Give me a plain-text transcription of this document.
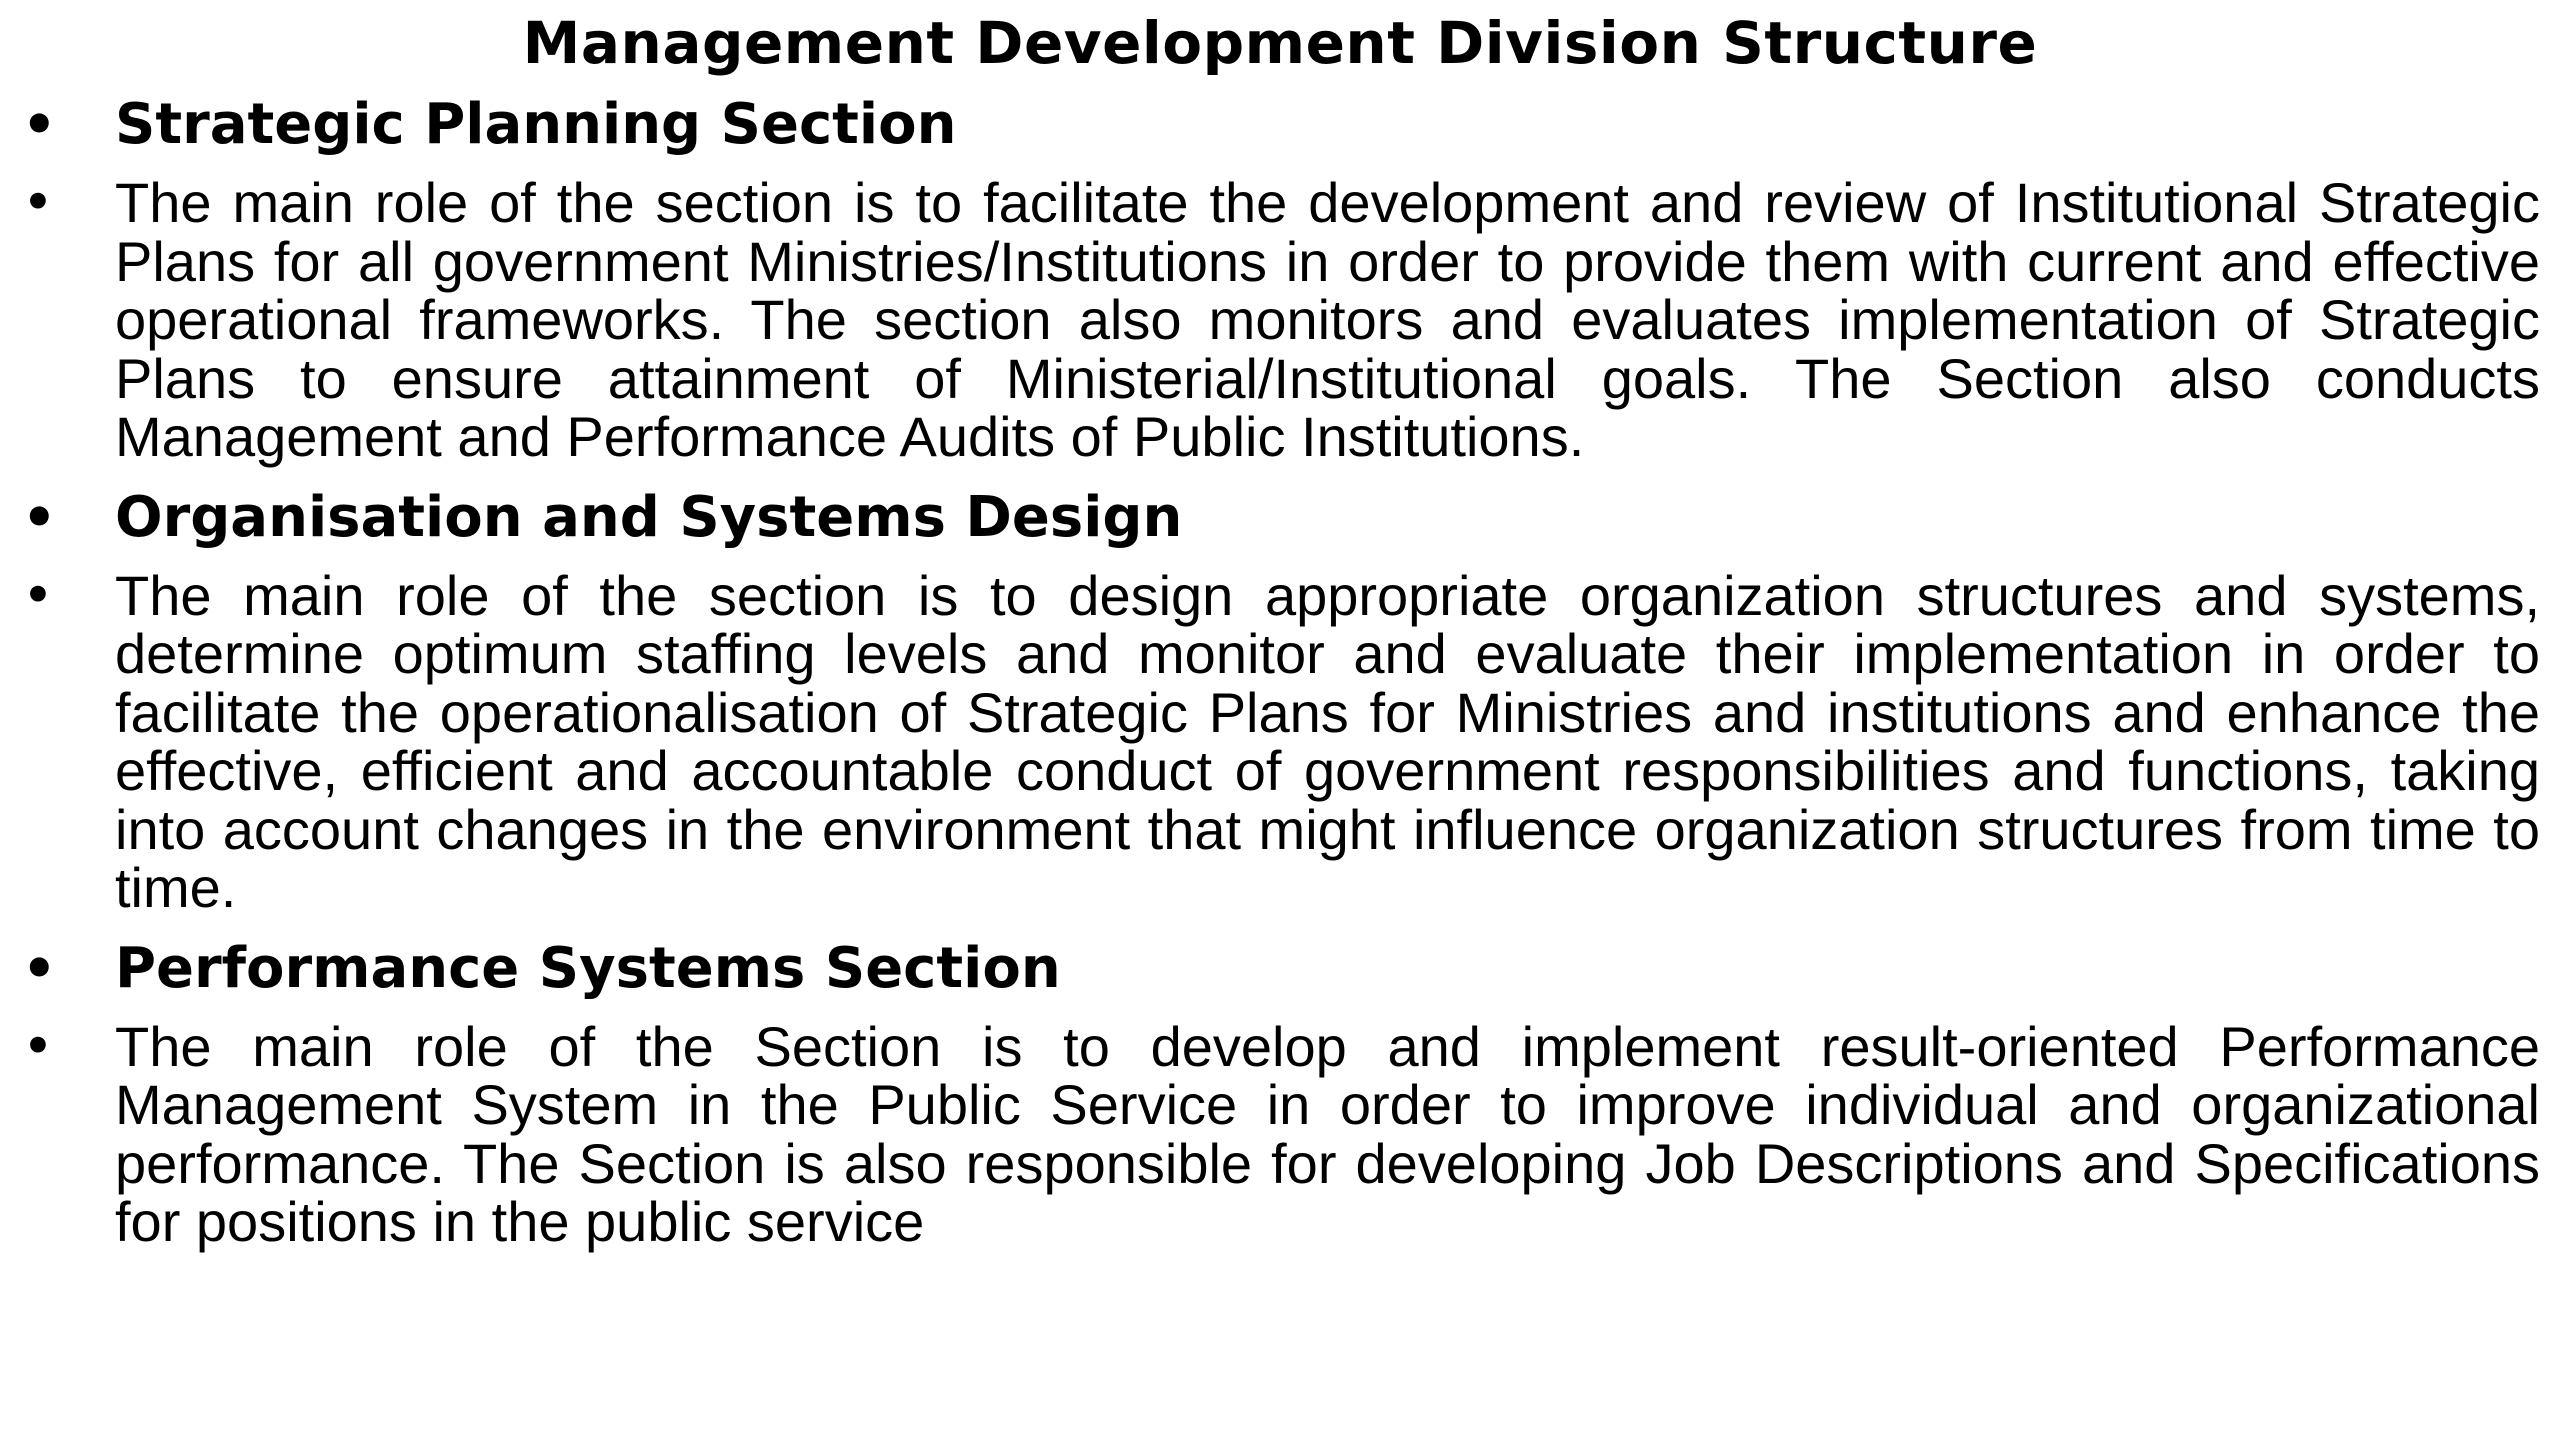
Management Development Division Structure
• Strategic Planning Section
• The main role of the section is to facilitate the development and review of Institutional Strategic Plans for all government Ministries/Institutions in order to provide them with current and effective operational frameworks. The section also monitors and evaluates implementation of Strategic Plans to ensure attainment of Ministerial/Institutional goals. The Section also conducts Management and Performance Audits of Public Institutions.
• Organisation and Systems Design
• The main role of the section is to design appropriate organization structures and systems, determine optimum staffing levels and monitor and evaluate their implementation in order to facilitate the operationalisation of Strategic Plans for Ministries and institutions and enhance the effective, efficient and accountable conduct of government responsibilities and functions, taking into account changes in the environment that might influence organization structures from time to time.
• Performance Systems Section
• The main role of the Section is to develop and implement result-oriented Performance Management System in the Public Service in order to improve individual and organizational performance. The Section is also responsible for developing Job Descriptions and Specifications for positions in the public service
